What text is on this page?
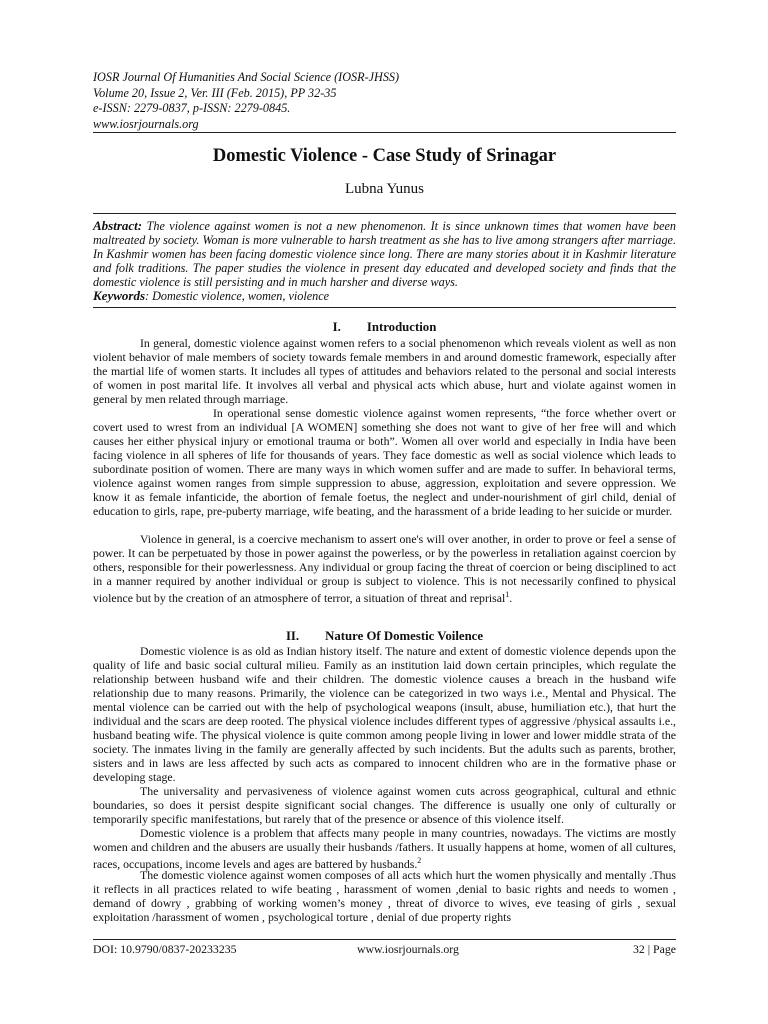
IOSR Journal Of Humanities And Social Science (IOSR-JHSS)
Volume 20, Issue 2, Ver. III (Feb. 2015), PP 32-35
e-ISSN: 2279-0837, p-ISSN: 2279-0845.
www.iosrjournals.org
Domestic Violence - Case Study of Srinagar
Lubna Yunus
Abstract: The violence against women is not a new phenomenon. It is since unknown times that women have been maltreated by society. Woman is more vulnerable to harsh treatment as she has to live among strangers after marriage. In Kashmir women has been facing domestic violence since long. There are many stories about it in Kashmir literature and folk traditions. The paper studies the violence in present day educated and developed society and finds that the domestic violence is still persisting and in much harsher and diverse ways.
Keywords: Domestic violence, women, violence
I. Introduction
In general, domestic violence against women refers to a social phenomenon which reveals violent as well as non violent behavior of male members of society towards female members in and around domestic framework, especially after the martial life of women starts. It includes all types of attitudes and behaviors related to the personal and social interests of women in post marital life. It involves all verbal and physical acts which abuse, hurt and violate against women in general by men related through marriage.
In operational sense domestic violence against women represents, “the force whether overt or covert used to wrest from an individual [A WOMEN] something she does not want to give of her free will and which causes her either physical injury or emotional trauma or both”. Women all over world and especially in India have been facing violence in all spheres of life for thousands of years. They face domestic as well as social violence which leads to subordinate position of women. There are many ways in which women suffer and are made to suffer. In behavioral terms, violence against women ranges from simple suppression to abuse, aggression, exploitation and severe oppression. We know it as female infanticide, the abortion of female foetus, the neglect and under-nourishment of girl child, denial of education to girls, rape, pre-puberty marriage, wife beating, and the harassment of a bride leading to her suicide or murder.
Violence in general, is a coercive mechanism to assert one's will over another, in order to prove or feel a sense of power. It can be perpetuated by those in power against the powerless, or by the powerless in retaliation against coercion by others, responsible for their powerlessness. Any individual or group facing the threat of coercion or being disciplined to act in a manner required by another individual or group is subject to violence. This is not necessarily confined to physical violence but by the creation of an atmosphere of terror, a situation of threat and reprisal$^1$.
II. Nature Of Domestic Voilence
Domestic violence is as old as Indian history itself. The nature and extent of domestic violence depends upon the quality of life and basic social cultural milieu. Family as an institution laid down certain principles, which regulate the relationship between husband wife and their children. The domestic violence causes a breach in the husband wife relationship due to many reasons. Primarily, the violence can be categorized in two ways i.e., Mental and Physical. The mental violence can be carried out with the help of psychological weapons (insult, abuse, humiliation etc.), that hurt the individual and the scars are deep rooted. The physical violence includes different types of aggressive /physical assaults i.e., husband beating wife. The physical violence is quite common among people living in lower and lower middle strata of the society. The inmates living in the family are generally affected by such incidents. But the adults such as parents, brother, sisters and in laws are less affected by such acts as compared to innocent children who are in the formative phase or developing stage.
The universality and pervasiveness of violence against women cuts across geographical, cultural and ethnic boundaries, so does it persist despite significant social changes. The difference is usually one only of culturally or temporarily specific manifestations, but rarely that of the presence or absence of this violence itself.
Domestic violence is a problem that affects many people in many countries, nowadays. The victims are mostly women and children and the abusers are usually their husbands /fathers. It usually happens at home, women of all cultures, races, occupations, income levels and ages are battered by husbands.$^2$
The domestic violence against women composes of all acts which hurt the women physically and mentally .Thus it reflects in all practices related to wife beating , harassment of women ,denial to basic rights and needs to women , demand of dowry , grabbing of working women’s money , threat of divorce to wives, eve teasing of girls , sexual exploitation /harassment of women , psychological torture , denial of due property rights
DOI: 10.9790/0837-20233235	www.iosrjournals.org	32 | Page
